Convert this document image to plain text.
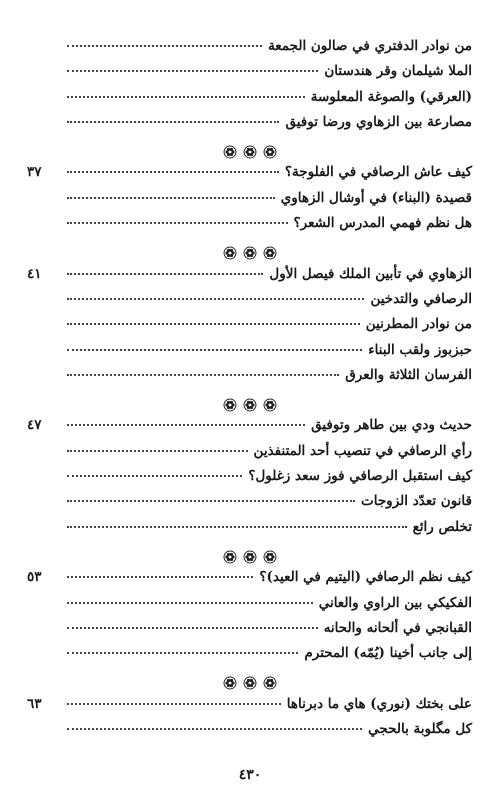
من نوادر الدفتري في صالون الجمعة
الملا شيلمان وقر هندستان
(العرقي) والصوغة المعلوسة
مصارعة بين الزهاوي ورضا توفيق
كيف عاش الرصافي في الفلوجة؟
٣٧
قصيدة (البناء) في أوشال الزهاوي
هل نظم فهمي المدرس الشعر؟
الزهاوي في تأبين الملك فيصل الأول
٤١
الرصافي والتدخين
من نوادر المطرنين
حبزبوز ولقب البناء
الفرسان الثلاثة والعرق
حديث ودي بين طاهر وتوفيق
٤٧
رأي الرصافي في تنصيب أحد المتنفذين
كيف استقبل الرصافي فوز سعد زغلول؟
قانون تعدّد الزوجات
تخلص رائع
كيف نظم الرصافي (اليتيم في العيد)؟
٥٣
الفكيكي بين الراوي والعاني
القبانجي في ألحانه والحانه
إلى جانب أخينا (يُمّه) المحترم
على بختك (نوري) هاي ما دبرناها
٦٣
كل مگلوبة بالحجي
٤٣٠
